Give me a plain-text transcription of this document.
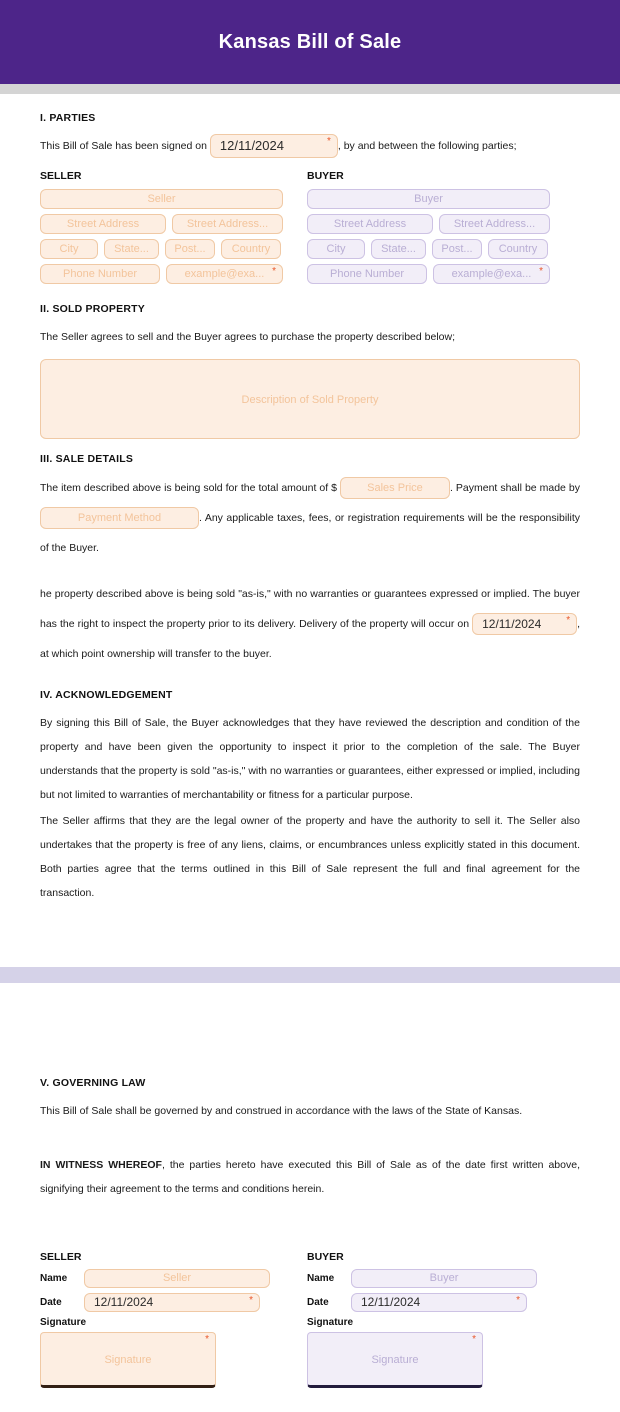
Kansas Bill of Sale
I. PARTIES

This Bill of Sale has been signed on 12/11/2024	* , by and between the following parties;

SELLER
Seller
Street Address	Street Address...
City	State...	Post...	Country
Phone Number	example@exa... *
BUYER
Buyer
Street Address	Street Address...
City	State...	Post...	Country
Phone Number	example@exa... *
II. SOLD PROPERTY

The Seller agrees to sell and the Buyer agrees to purchase the property described below;

Description of Sold Property
III. SALE DETAILS
The item described above is being sold for the total amount of $	Sales Price	. Payment shall be made by Payment Method	. Any applicable taxes, fees, or registration requirements will be the responsibility of the Buyer.
he property described above is being sold "as-is," with no warranties or guarantees expressed or implied. The buyer has the right to inspect the property prior to its delivery. Delivery of the property will occur on 12/11/2024 * , at which point ownership will transfer to the buyer.
IV. ACKNOWLEDGEMENT

By signing this Bill of Sale, the Buyer acknowledges that they have reviewed the description and condition of the property and have been given the opportunity to inspect it prior to the completion of the sale. The Buyer understands that the property is sold "as-is," with no warranties or guarantees, either expressed or implied, including but not limited to warranties of merchantability or fitness for a particular purpose.

The Seller affirms that they are the legal owner of the property and have the authority to sell it. The Seller also undertakes that the property is free of any liens, claims, or encumbrances unless explicitly stated in this document. Both parties agree that the terms outlined in this Bill of Sale represent the full and final agreement for the transaction.

V. GOVERNING LAW

This Bill of Sale shall be governed by and construed in accordance with the laws of the State of Kansas.

IN WITNESS WHEREOF, the parties hereto have executed this Bill of Sale as of the date first written above, signifying their agreement to the terms and conditions herein.

SELLER
Name	Seller
Date	12/11/2024	*
Signature
Signature
*
BUYER
Name	Buyer
Date	12/11/2024	*
Signature
Signature
*
